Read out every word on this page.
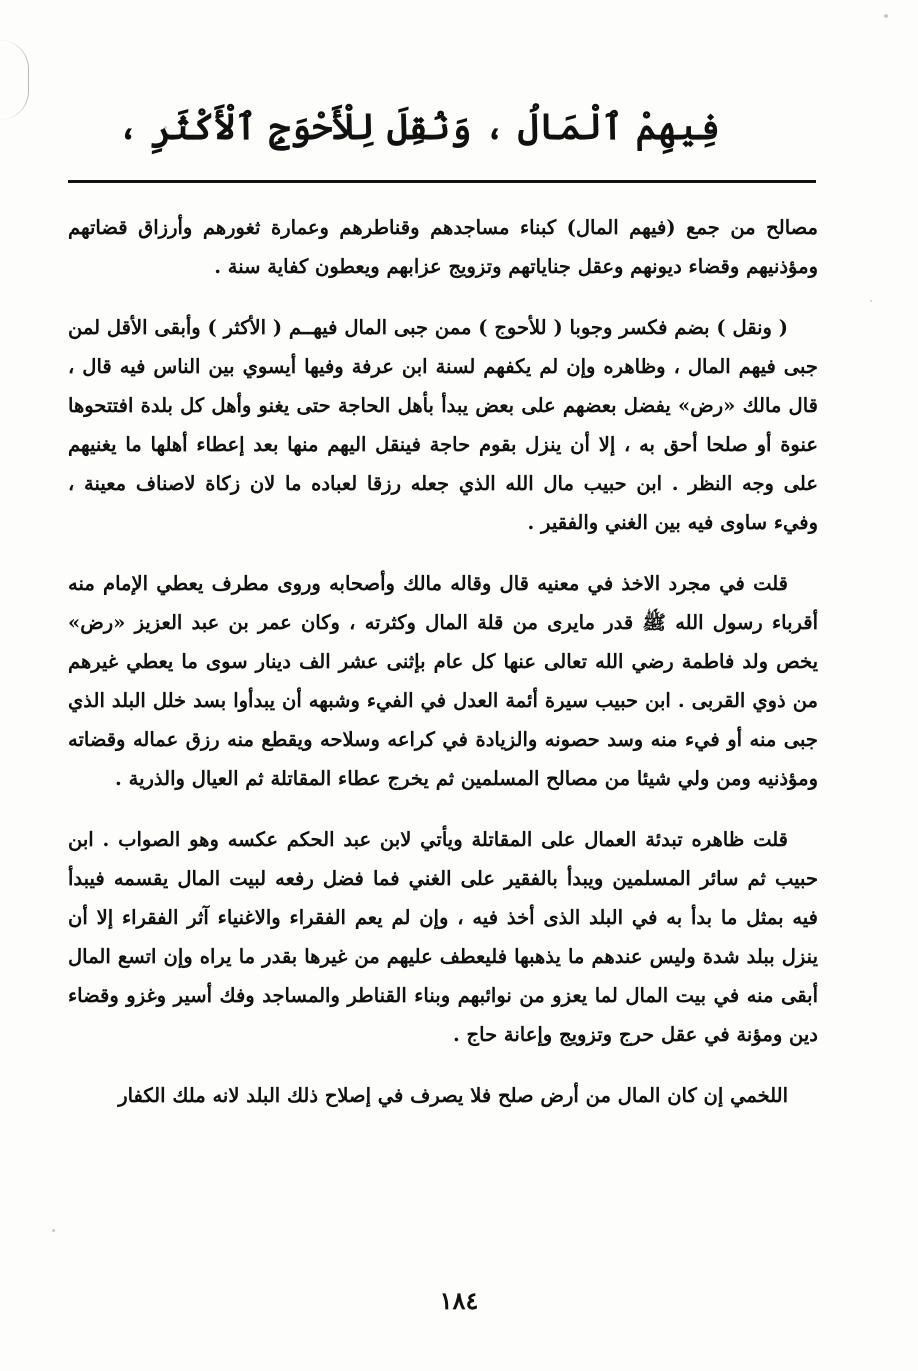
فِيهِمْ ٱلْمَالُ ، وَنُقِلَ لِلْأَحْوَجِ ٱلْأَكْثَرِ ،

مصالح من جمع (فيهم المال) كبناء مساجدهم وقناطرهم وعمارة ثغورهم وأرزاق قضاتهم ومؤذنيهم وقضاء ديونهم وعقل جناياتهم وتزويج عزابهم ويعطون كفاية سنة .

( ونقل ) بضم فكسر وجوبا ( للأحوج ) ممن جبى المال فيهــم ( الأكثر ) وأبقى الأقل لمن جبى فيهم المال ، وظاهره وإن لم يكفهم لسنة ابن عرفة وفيها أيسوي بين الناس فيه قال ، قال مالك «رض» يفضل بعضهم على بعض يبدأ بأهل الحاجة حتى يغنو وأهل كل بلدة افتتحوها عنوة أو صلحا أحق به ، إلا أن ينزل بقوم حاجة فينقل اليهم منها بعد إعطاء أهلها ما يغنيهم على وجه النظر . ابن حبيب مال الله الذي جعله رزقا لعباده ما لان زكاة لاصناف معينة ، وفيء ساوى فيه بين الغني والفقير .

قلت في مجرد الاخذ في معنيه قال وقاله مالك وأصحابه وروى مطرف يعطي الإمام منه أقرباء رسول الله ﷺ قدر مايرى من قلة المال وكثرته ، وكان عمر بن عبد العزيز «رض» يخص ولد فاطمة رضي الله تعالى عنها كل عام بإثنى عشر الف دينار سوى ما يعطي غيرهم من ذوي القربى . ابن حبيب سيرة أئمة العدل في الفيء وشبهه أن يبدأوا بسد خلل البلد الذي جبى منه أو فيء منه وسد حصونه والزيادة في كراعه وسلاحه ويقطع منه رزق عماله وقضاته ومؤذنيه ومن ولي شيئا من مصالح المسلمين ثم يخرج عطاء المقاتلة ثم العيال والذرية .

قلت ظاهره تبدئة العمال على المقاتلة ويأتي لابن عبد الحكم عكسه وهو الصواب . ابن حبيب ثم سائر المسلمين ويبدأ بالفقير على الغني فما فضل رفعه لبيت المال يقسمه فيبدأ فيه بمثل ما بدأ به في البلد الذى أخذ فيه ، وإن لم يعم الفقراء والاغنياء آثر الفقراء إلا أن ينزل ببلد شدة وليس عندهم ما يذهبها فليعطف عليهم من غيرها بقدر ما يراه وإن اتسع المال أبقى منه في بيت المال لما يعزو من نوائبهم وبناء القناطر والمساجد وفك أسير وغزو وقضاء دين ومؤنة في عقل حرج وتزويج وإعانة حاج .

اللخمي إن كان المال من أرض صلح فلا يصرف في إصلاح ذلك البلد لانه ملك الكفار

١٨٤
